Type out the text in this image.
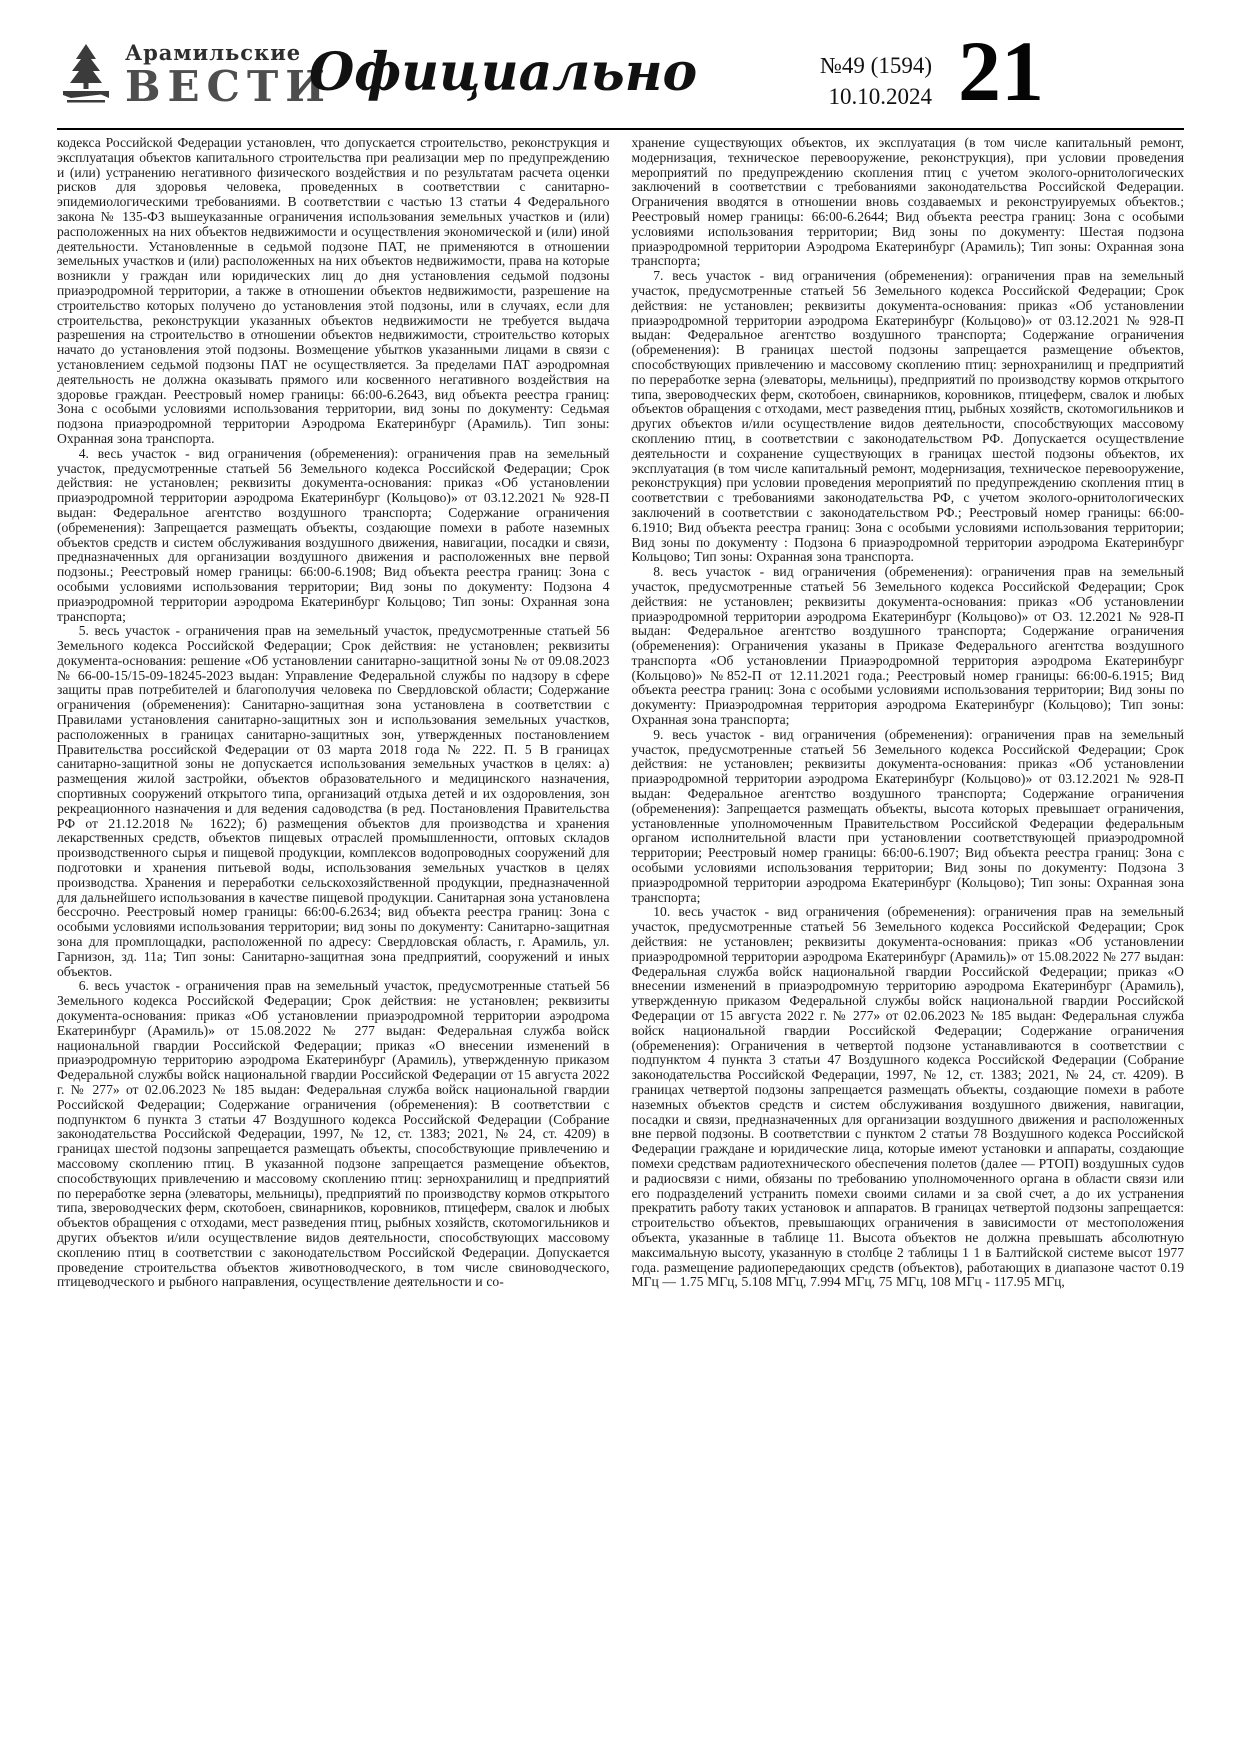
Арамильские
ВЕСТИ
Официально	№49 (1594)
10.10.2024 21

кодекса Российской Федерации установлен, что допускается строительство, реконструкция и эксплуатация объектов капитального строительства при реализации мер по предупреждению и (или) устранению негативного физического воздействия и по результатам расчета оценки рисков для здоровья человека, проведенных в соответствии с санитарно-эпидемиологическими требованиями. В соответствии с частью 13 статьи 4 Федерального закона № 135-ФЗ вышеуказанные ограничения использования земельных участков и (или) расположенных на них объектов недвижимости и осуществления экономической и (или) иной деятельности. Установленные в седьмой подзоне ПАТ, не применяются в отношении земельных участков и (или) расположенных на них объектов недвижимости, права на которые возникли у граждан или юридических лиц до дня установления седьмой подзоны приаэродромной территории, а также в отношении объектов недвижимости, разрешение на строительство которых получено до установления этой подзоны, или в случаях, если для строительства, реконструкции указанных объектов недвижимости не требуется выдача разрешения на строительство в отношении объектов недвижимости, строительство которых начато до установления этой подзоны. Возмещение убытков указанными лицами в связи с установлением седьмой подзоны ПАТ не осуществляется. За пределами ПАТ аэродромная деятельность не должна оказывать прямого или косвенного негативного воздействия на здоровье граждан. Реестровый номер границы: 66:00-6.2643, вид объекта реестра границ: Зона с особыми условиями использования территории, вид зоны по документу: Седьмая подзона приаэродромной территории Аэродрома Екатеринбург (Арамиль). Тип зоны: Охранная зона транспорта.

4. весь участок - вид ограничения (обременения): ограничения прав на земельный участок, предусмотренные статьей 56 Земельного кодекса Российской Федерации; Срок действия: не установлен; реквизиты документа-основания: приказ «Об установлении приаэродромной территории аэродрома Екатеринбург (Кольцово)» от 03.12.2021 № 928-П выдан: Федеральное агентство воздушного транспорта; Содержание ограничения (обременения): Запрещается размещать объекты, создающие помехи в работе наземных объектов средств и систем обслуживания воздушного движения, навигации, посадки и связи, предназначенных для организации воздушного движения и расположенных вне первой подзоны.; Реестровый номер границы: 66:00-6.1908; Вид объекта реестра границ: Зона с особыми условиями использования территории; Вид зоны по документу: Подзона 4 приаэродромной территории аэродрома Екатеринбург Кольцово; Тип зоны: Охранная зона транспорта;

5. весь участок - ограничения прав на земельный участок, предусмотренные статьей 56 Земельного кодекса Российской Федерации; Срок действия: не установлен; реквизиты документа-основания: решение «Об установлении санитарно-защитной зоны № от 09.08.2023 № 66-00-15/15-09-18245-2023 выдан: Управление Федеральной службы по надзору в сфере защиты прав потребителей и благополучия человека по Свердловской области; Содержание ограничения (обременения): Санитарно-защитная зона установлена в соответствии с Правилами установления санитарно-защитных зон и использования земельных участков, расположенных в границах санитарно-защитных зон, утвержденных постановлением Правительства российской Федерации от 03 марта 2018 года № 222. П. 5 В границах санитарно-защитной зоны не допускается использования земельных участков в целях: а) размещения жилой застройки, объектов образовательного и медицинского назначения, спортивных сооружений открытого типа, организаций отдыха детей и их оздоровления, зон рекреационного назначения и для ведения садоводства (в ред. Постановления Правительства РФ от 21.12.2018 № 1622); б) размещения объектов для производства и хранения лекарственных средств, объектов пищевых отраслей промышленности, оптовых складов производственного сырья и пищевой продукции, комплексов водопроводных сооружений для подготовки и хранения питьевой воды, использования земельных участков в целях производства. Хранения и переработки сельскохозяйственной продукции, предназначенной для дальнейшего использования в качестве пищевой продукции. Санитарная зона установлена бессрочно. Реестровый номер границы: 66:00-6.2634; вид объекта реестра границ: Зона с особыми условиями использования территории; вид зоны по документу: Санитарно-защитная зона для промплощадки, расположенной по адресу: Свердловская область, г. Арамиль, ул. Гарнизон, зд. 11а; Тип зоны: Санитарно-защитная зона предприятий, сооружений и иных объектов.

6. весь участок - ограничения прав на земельный участок, предусмотренные статьей 56 Земельного кодекса Российской Федерации; Срок действия: не установлен; реквизиты документа-основания: приказ «Об установлении приаэродромной территории аэродрома Екатеринбург (Арамиль)» от 15.08.2022 № 277 выдан: Федеральная служба войск национальной гвардии Российской Федерации; приказ «О внесении изменений в приаэродромную территорию аэродрома Екатеринбург (Арамиль), утвержденную приказом Федеральной службы войск национальной гвардии Российской Федерации от 15 августа 2022 г. № 277» от 02.06.2023 № 185 выдан: Федеральная служба войск национальной гвардии Российской Федерации; Содержание ограничения (обременения): В соответствии с подпунктом 6 пункта 3 статьи 47 Воздушного кодекса Российской Федерации (Собрание законодательства Российской Федерации, 1997, № 12, ст. 1383; 2021, № 24, ст. 4209) в границах шестой подзоны запрещается размещать объекты, способствующие привлечению и массовому скоплению птиц. В указанной подзоне запрещается размещение объектов, способствующих привлечению и массовому скоплению птиц: зернохранилищ и предприятий по переработке зерна (элеваторы, мельницы), предприятий по производству кормов открытого типа, звероводческих ферм, скотобоен, свинарников, коровников, птицеферм, свалок и любых объектов обращения с отходами, мест разведения птиц, рыбных хозяйств, скотомогильников и других объектов и/или осуществление видов деятельности, способствующих массовому скоплению птиц в соответствии с законодательством Российской Федерации. Допускается проведение строительства объектов животноводческого, в том числе свиноводческого, птицеводческого и рыбного направления, осуществление деятельности и со-

хранение существующих объектов, их эксплуатация (в том числе капитальный ремонт, модернизация, техническое перевооружение, реконструкция), при условии проведения мероприятий по предупреждению скопления птиц с учетом эколого-орнитологических заключений в соответствии с требованиями законодательства Российской Федерации. Ограничения вводятся в отношении вновь создаваемых и реконструируемых объектов.; Реестровый номер границы: 66:00-6.2644; Вид объекта реестра границ: Зона с особыми условиями использования территории; Вид зоны по документу: Шестая подзона приаэродромной территории Аэродрома Екатеринбург (Арамиль); Тип зоны: Охранная зона транспорта;

7. весь участок - вид ограничения (обременения): ограничения прав на земельный участок, предусмотренные статьей 56 Земельного кодекса Российской Федерации; Срок действия: не установлен; реквизиты документа-основания: приказ «Об установлении приаэродромной территории аэродрома Екатеринбург (Кольцово)» от 03.12.2021 № 928-П выдан: Федеральное агентство воздушного транспорта; Содержание ограничения (обременения): В границах шестой подзоны запрещается размещение объектов, способствующих привлечению и массовому скоплению птиц: зернохранилищ и предприятий по переработке зерна (элеваторы, мельницы), предприятий по производству кормов открытого типа, звероводческих ферм, скотобоен, свинарников, коровников, птицеферм, свалок и любых объектов обращения с отходами, мест разведения птиц, рыбных хозяйств, скотомогильников и других объектов и/или осуществление видов деятельности, способствующих массовому скоплению птиц, в соответствии с законодательством РФ. Допускается осуществление деятельности и сохранение существующих в границах шестой подзоны объектов, их эксплуатация (в том числе капитальный ремонт, модернизация, техническое перевооружение, реконструкция) при условии проведения мероприятий по предупреждению скопления птиц в соответствии с требованиями законодательства РФ, с учетом эколого-орнитологических заключений в соответствии с законодательством РФ.; Реестровый номер границы: 66:00-6.1910; Вид объекта реестра границ: Зона с особыми условиями использования территории; Вид зоны по документу : Подзона 6 приаэродромной территории аэродрома Екатеринбург Кольцово; Тип зоны: Охранная зона транспорта.

8. весь участок - вид ограничения (обременения): ограничения прав на земельный участок, предусмотренные статьей 56 Земельного кодекса Российской Федерации; Срок действия: не установлен; реквизиты документа-основания: приказ «Об установлении приаэродромной территории аэродрома Екатеринбург (Кольцово)» от ОЗ. 12.2021 № 928-П выдан: Федеральное агентство воздушного транспорта; Содержание ограничения (обременения): Ограничения указаны в Приказе Федерального агентства воздушного транспорта «Об установлении Приаэродромной территория аэродрома Екатеринбург (Кольцово)» №852-П от 12.11.2021 года.; Реестровый номер границы: 66:00-6.1915; Вид объекта реестра границ: Зона с особыми условиями использования территории; Вид зоны по документу: Приаэродромная территория аэродрома Екатеринбург (Кольцово); Тип зоны: Охранная зона транспорта;

9. весь участок - вид ограничения (обременения): ограничения прав на земельный участок, предусмотренные статьей 56 Земельного кодекса Российской Федерации; Срок действия: не установлен; реквизиты документа-основания: приказ «Об установлении приаэродромной территории аэродрома Екатеринбург (Кольцово)» от 03.12.2021 № 928-П выдан: Федеральное агентство воздушного транспорта; Содержание ограничения (обременения): Запрещается размещать объекты, высота которых превышает ограничения, установленные уполномоченным Правительством Российской Федерации федеральным органом исполнительной власти при установлении соответствующей приаэродромной территории; Реестровый номер границы: 66:00-6.1907; Вид объекта реестра границ: Зона с особыми условиями использования территории; Вид зоны по документу: Подзона 3 приаэродромной территории аэродрома Екатеринбург (Кольцово); Тип зоны: Охранная зона транспорта;

10. весь участок - вид ограничения (обременения): ограничения прав на земельный участок, предусмотренные статьей 56 Земельного кодекса Российской Федерации; Срок действия: не установлен; реквизиты документа-основания: приказ «Об установлении приаэродромной территории аэродрома Екатеринбург (Арамиль)» от 15.08.2022 № 277 выдан: Федеральная служба войск национальной гвардии Российской Федерации; приказ «О внесении изменений в приаэродромную территорию аэродрома Екатеринбург (Арамиль), утвержденную приказом Федеральной службы войск национальной гвардии Российской Федерации от 15 августа 2022 г. № 277» от 02.06.2023 № 185 выдан: Федеральная служба войск национальной гвардии Российской Федерации; Содержание ограничения (обременения): Ограничения в четвертой подзоне устанавливаются в соответствии с подпунктом 4 пункта 3 статьи 47 Воздушного кодекса Российской Федерации (Собрание законодательства Российской Федерации, 1997, № 12, ст. 1383; 2021, № 24, ст. 4209). В границах четвертой подзоны запрещается размещать объекты, создающие помехи в работе наземных объектов средств и систем обслуживания воздушного движения, навигации, посадки и связи, предназначенных для организации воздушного движения и расположенных вне первой подзоны. В соответствии с пунктом 2 статьи 78 Воздушного кодекса Российской Федерации граждане и юридические лица, которые имеют установки и аппараты, создающие помехи средствам радиотехнического обеспечения полетов (далее — РТОП) воздушных судов и радиосвязи с ними, обязаны по требованию уполномоченного органа в области связи или его подразделений устранить помехи своими силами и за свой счет, а до их устранения прекратить работу таких установок и аппаратов. В границах четвертой подзоны запрещается: строительство объектов, превышающих ограничения в зависимости от местоположения объекта, указанные в таблице 11. Высота объектов не должна превышать абсолютную максимальную высоту, указанную в столбце 2 таблицы 1 1 в Балтийской системе высот 1977 года. размещение радиопередающих средств (объектов), работающих в диапазоне частот 0.19 МГц — 1.75 МГц, 5.108 МГц, 7.994 МГц, 75 МГц, 108 МГц - 117.95 МГц,
